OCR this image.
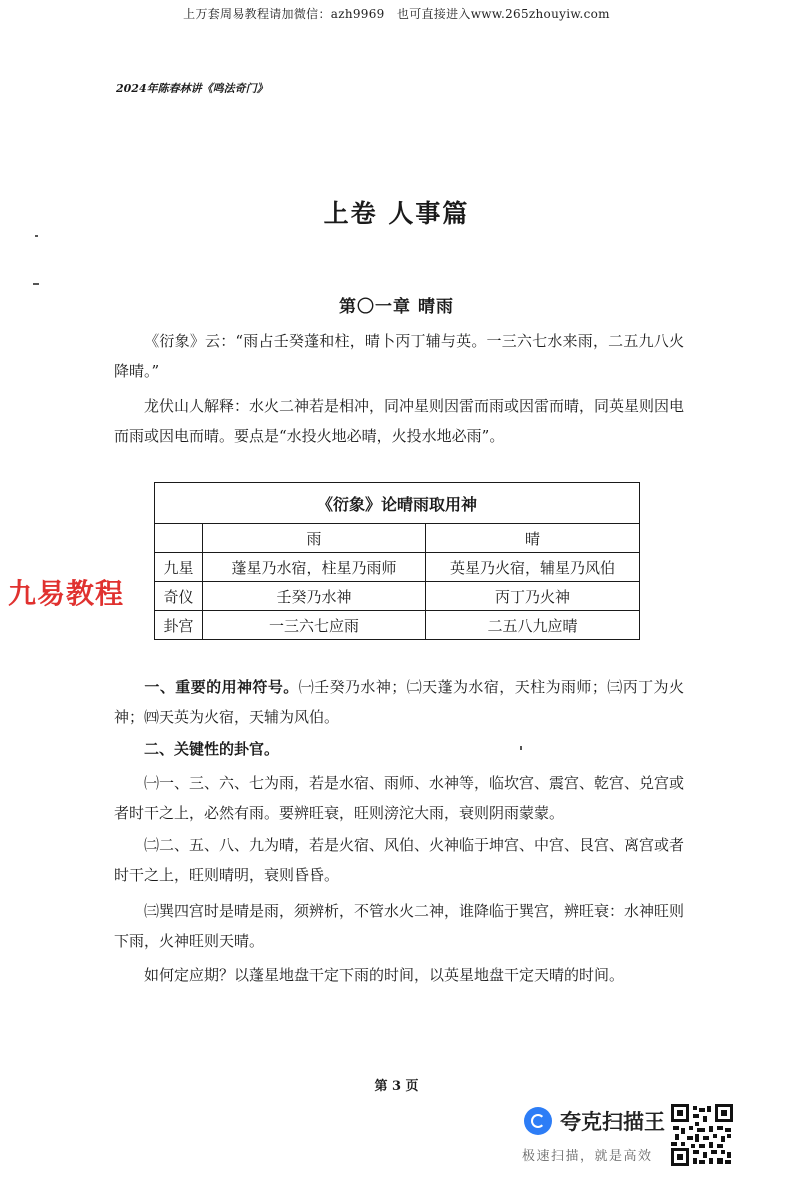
上万套周易教程请加微信：azh9969　也可直接进入www.265zhouyiw.com
2024年陈春林讲《鸣法奇门》
上卷 人事篇
第〇一章 晴雨
《衍象》云：“雨占壬癸蓬和柱，晴卜丙丁辅与英。一三六七水来雨，二五九八火降晴。”
龙伏山人解释：水火二神若是相冲，同冲星则因雷而雨或因雷而晴，同英星则因电而雨或因电而晴。要点是“水投火地必晴，火投水地必雨”。
《衍象》论晴雨取用神		
	雨	晴
九星	蓬星乃水宿，柱星乃雨师	英星乃火宿，辅星乃风伯
奇仪	壬癸乃水神	丙丁乃火神
卦宫	一三六七应雨	二五八九应晴
九易教程
一、重要的用神符号。㈠壬癸乃水神；㈡天蓬为水宿，天柱为雨师；㈢丙丁为火神；㈣天英为火宿，天辅为风伯。
二、关键性的卦官。
㈠一、三、六、七为雨，若是水宿、雨师、水神等，临坎宫、震宫、乾宫、兑宫或者时干之上，必然有雨。要辨旺衰，旺则滂沱大雨，衰则阴雨蒙蒙。
㈡二、五、八、九为晴，若是火宿、风伯、火神临于坤宫、中宫、艮宫、离宫或者时干之上，旺则晴明，衰则昏昏。
㈢巽四宫时是晴是雨，须辨析，不管水火二神，谁降临于巽宫，辨旺衰：水神旺则下雨，火神旺则天晴。
如何定应期？以蓬星地盘干定下雨的时间，以英星地盘干定天晴的时间。
第 3 页
夸克扫描王
极速扫描，就是高效
